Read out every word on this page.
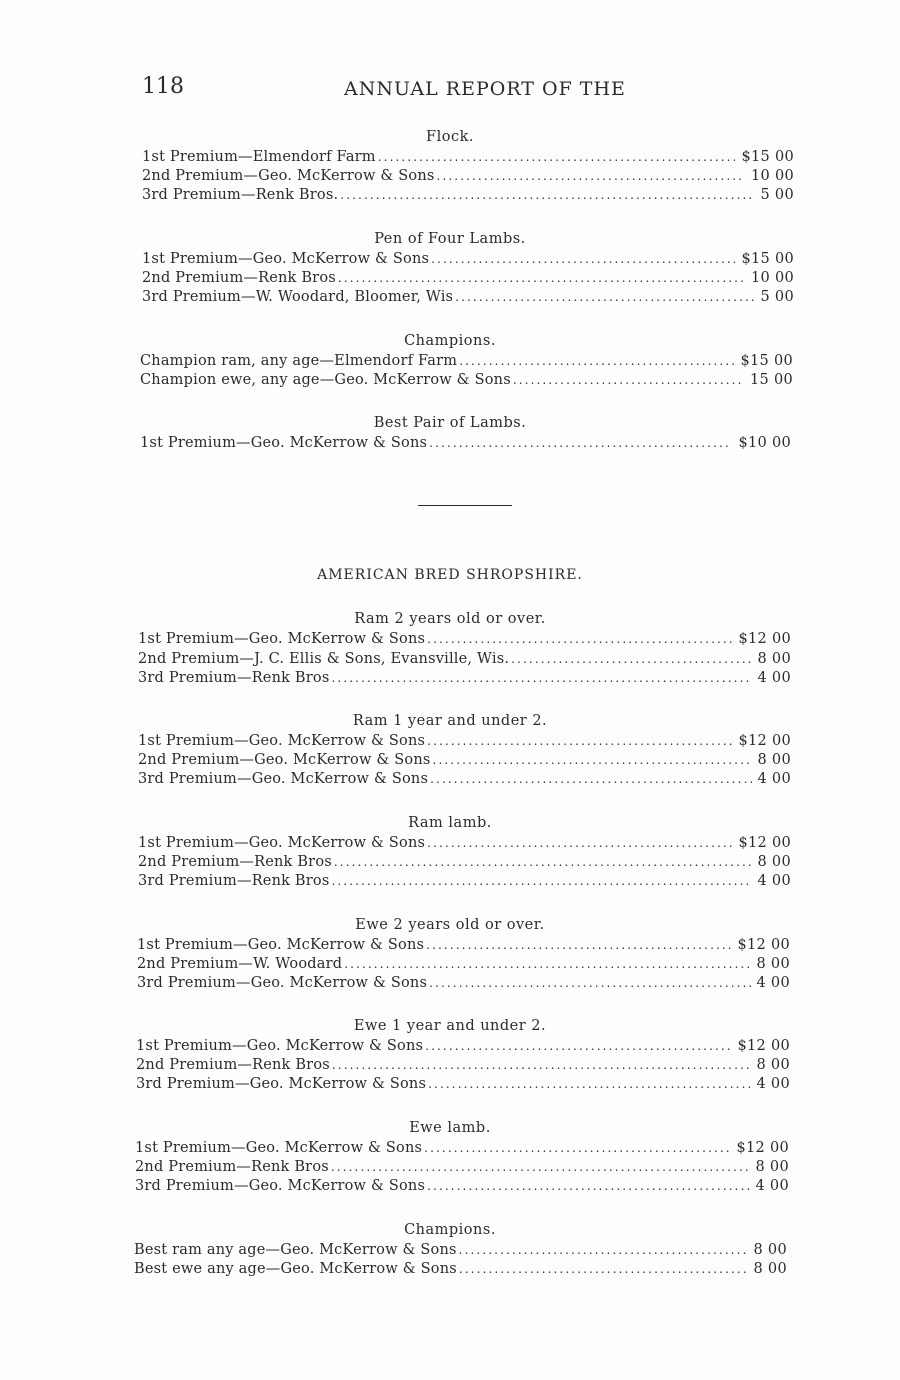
118	ANNUAL REPORT OF THE
Flock.
1st Premium—Elmendorf Farm .....	$15 00
2nd Premium—Geo. McKerrow & Sons .....	10 00
3rd Premium—Renk Bros. .....	5 00
Pen of Four Lambs.
1st Premium—Geo. McKerrow & Sons .....	$15 00
2nd Premium—Renk Bros .....	10 00
3rd Premium—W. Woodard, Bloomer, Wis .....	5 00
Champions.
Champion ram, any age—Elmendorf Farm .....	$15 00
Champion ewe, any age—Geo. McKerrow & Sons .....	15 00
Best Pair of Lambs.
1st Premium—Geo. McKerrow & Sons .....	$10 00
AMERICAN BRED SHROPSHIRE.
Ram 2 years old or over.
1st Premium—Geo. McKerrow & Sons .....	$12 00
2nd Premium—J. C. Ellis & Sons, Evansville, Wis. .....	8 00
3rd Premium—Renk Bros .....	4 00
Ram 1 year and under 2.
1st Premium—Geo. McKerrow & Sons .....	$12 00
2nd Premium—Geo. McKerrow & Sons .....	8 00
3rd Premium—Geo. McKerrow & Sons .....	4 00
Ram lamb.
1st Premium—Geo. McKerrow & Sons .....	$12 00
2nd Premium—Renk Bros .....	8 00
3rd Premium—Renk Bros .....	4 00
Ewe 2 years old or over.
1st Premium—Geo. McKerrow & Sons .....	$12 00
2nd Premium—W. Woodard .....	8 00
3rd Premium—Geo. McKerrow & Sons .....	4 00
Ewe 1 year and under 2.
1st Premium—Geo. McKerrow & Sons .....	$12 00
2nd Premium—Renk Bros .....	8 00
3rd Premium—Geo. McKerrow & Sons .....	4 00
Ewe lamb.
1st Premium—Geo. McKerrow & Sons .....	$12 00
2nd Premium—Renk Bros .....	8 00
3rd Premium—Geo. McKerrow & Sons .....	4 00
Champions.
Best ram any age—Geo. McKerrow & Sons .....	8 00
Best ewe any age—Geo. McKerrow & Sons .....	8 00
